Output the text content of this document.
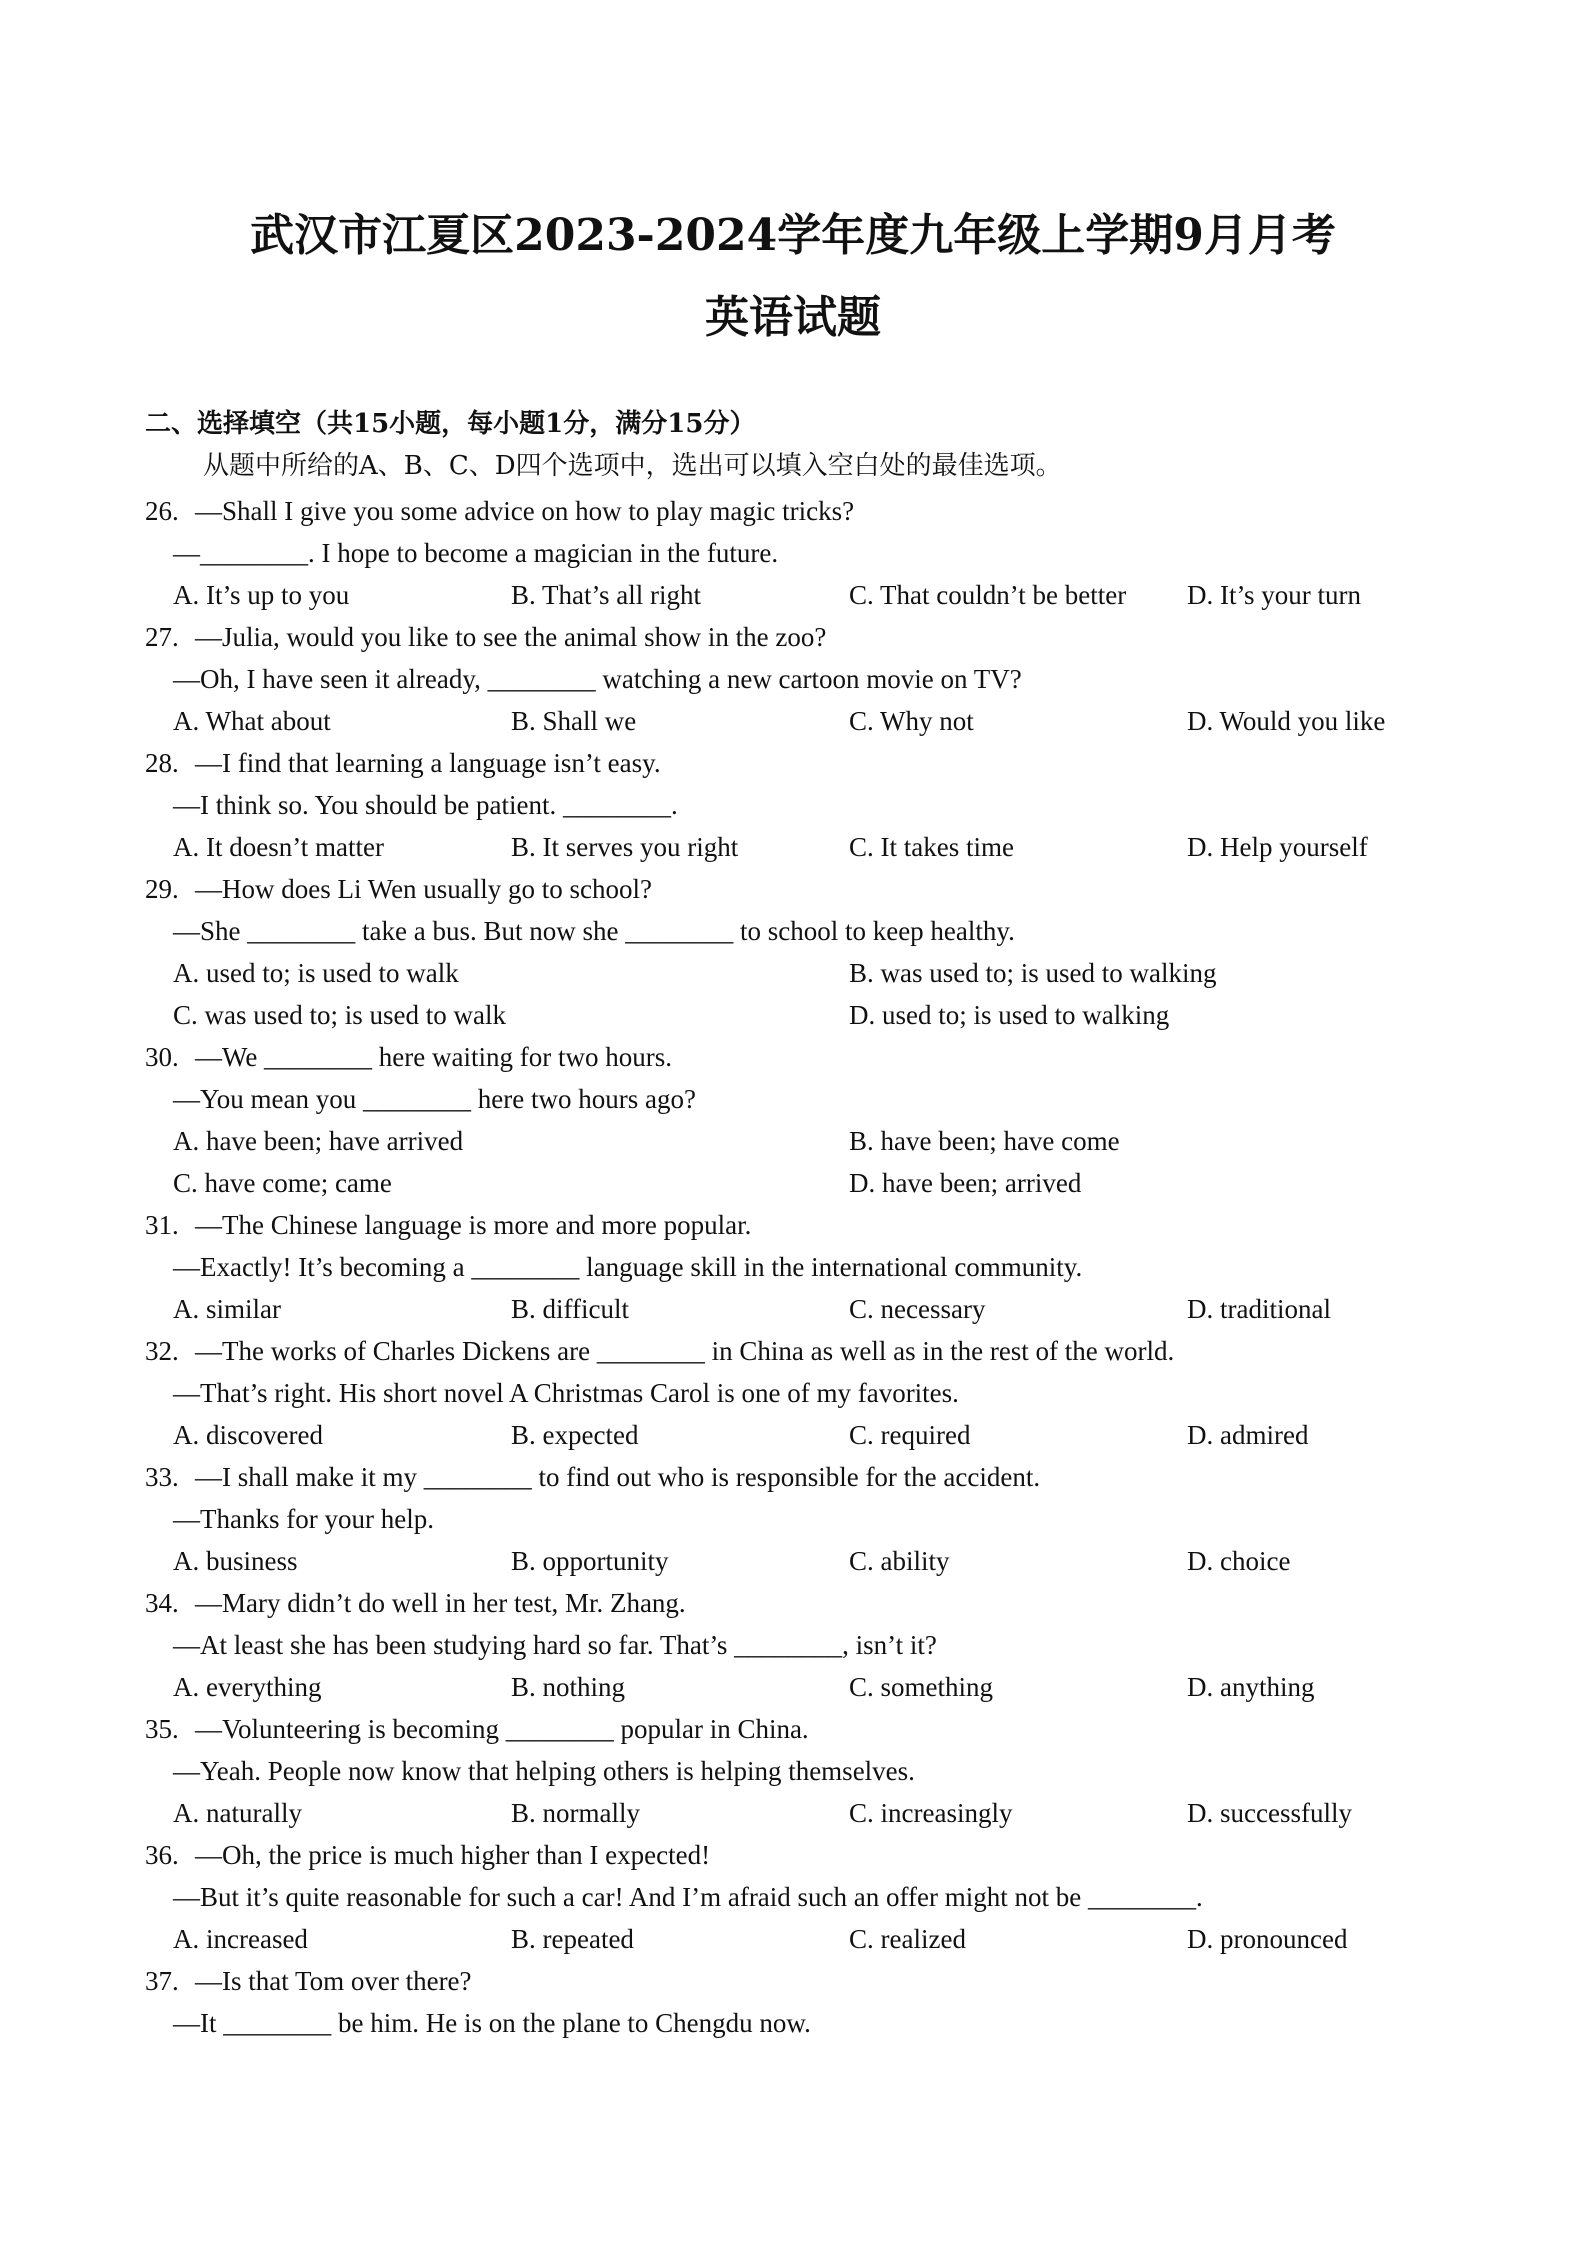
武汉市江夏区2023-2024学年度九年级上学期9月月考
英语试题
二、选择填空（共15小题，每小题1分，满分15分）
从题中所给的A、B、C、D四个选项中，选出可以填入空白处的最佳选项。
26. —Shall I give you some advice on how to play magic tricks?
—________. I hope to become a magician in the future.
A. It’s up to you	B. That’s all right	C. That couldn’t be better	D. It’s your turn
27. —Julia, would you like to see the animal show in the zoo?
—Oh, I have seen it already, ________ watching a new cartoon movie on TV?
A. What about	B. Shall we	C. Why not	D. Would you like
28. —I find that learning a language isn’t easy.
—I think so. You should be patient. ________.
A. It doesn’t matter	B. It serves you right	C. It takes time	D. Help yourself
29. —How does Li Wen usually go to school?
—She ________ take a bus. But now she ________ to school to keep healthy.
A. used to; is used to walk	B. was used to; is used to walking
C. was used to; is used to walk	D. used to; is used to walking
30. —We ________ here waiting for two hours.
—You mean you ________ here two hours ago?
A. have been; have arrived	B. have been; have come
C. have come; came	D. have been; arrived
31. —The Chinese language is more and more popular.
—Exactly! It’s becoming a ________ language skill in the international community.
A. similar	B. difficult	C. necessary	D. traditional
32. —The works of Charles Dickens are ________ in China as well as in the rest of the world.
—That’s right. His short novel A Christmas Carol is one of my favorites.
A. discovered	B. expected	C. required	D. admired
33. —I shall make it my ________ to find out who is responsible for the accident.
—Thanks for your help.
A. business	B. opportunity	C. ability	D. choice
34. —Mary didn’t do well in her test, Mr. Zhang.
—At least she has been studying hard so far. That’s ________, isn’t it?
A. everything	B. nothing	C. something	D. anything
35. —Volunteering is becoming ________ popular in China.
—Yeah. People now know that helping others is helping themselves.
A. naturally	B. normally	C. increasingly	D. successfully
36. —Oh, the price is much higher than I expected!
—But it’s quite reasonable for such a car! And I’m afraid such an offer might not be ________.
A. increased	B. repeated	C. realized	D. pronounced
37. —Is that Tom over there?
—It ________ be him. He is on the plane to Chengdu now.
